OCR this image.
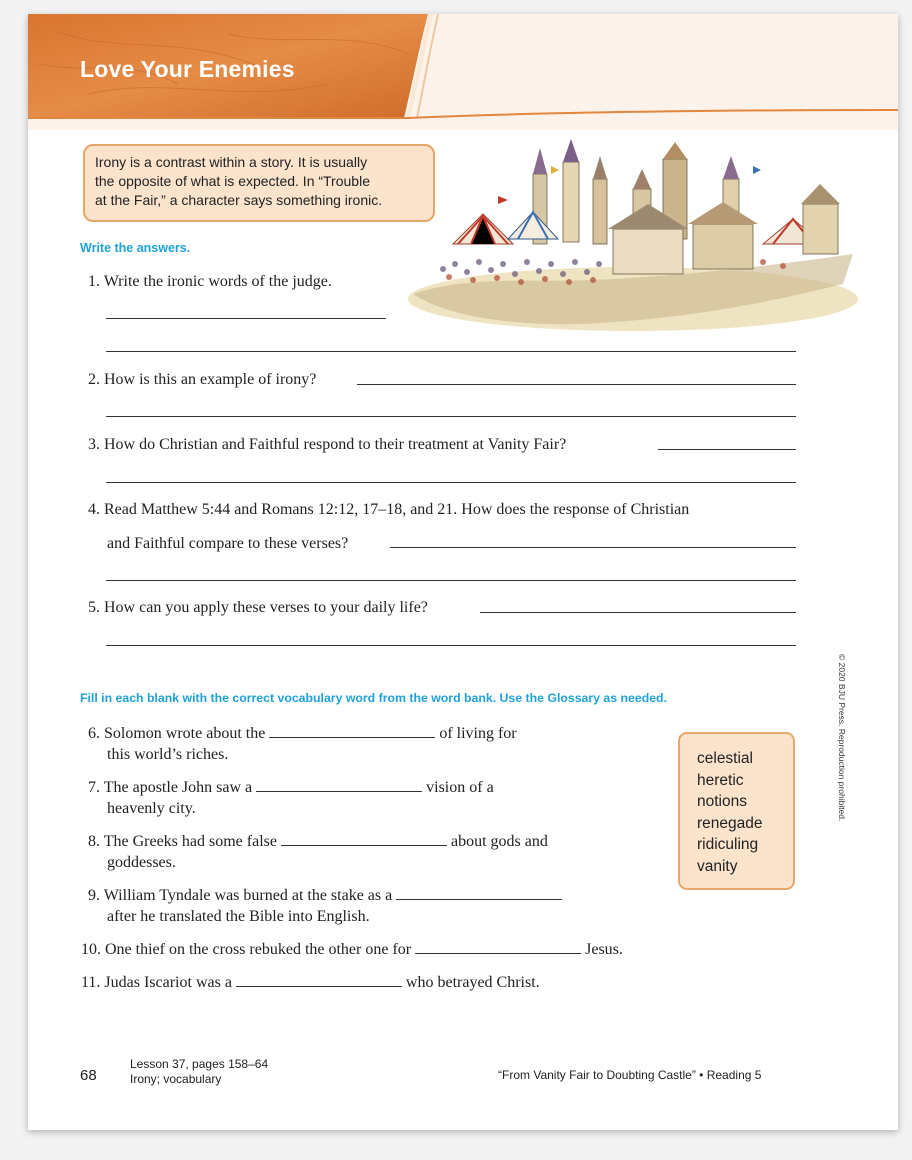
Love Your Enemies
Irony is a contrast within a story. It is usually
the opposite of what is expected. In “Trouble
at the Fair,” a character says something ironic.
Write the answers.
1. Write the ironic words of the judge.
2. How is this an example of irony?
3. How do Christian and Faithful respond to their treatment at Vanity Fair?
4. Read Matthew 5:44 and Romans 12:12, 17–18, and 21. How does the response of Christian
and Faithful compare to these verses?
5. How can you apply these verses to your daily life?
Fill in each blank with the correct vocabulary word from the word bank. Use the Glossary as needed.
6. Solomon wrote about the	of living for
this world’s riches.
7. The apostle John saw a	vision of a
heavenly city.
8. The Greeks had some false	about gods and
goddesses.
9. William Tyndale was burned at the stake as a
after he translated the Bible into English.
10. One thief on the cross rebuked the other one for	Jesus.
11. Judas Iscariot was a	who betrayed Christ.
celestial
heretic
notions
renegade
ridiculing
vanity
© 2020 BJU Press. Reproduction prohibited.
68
Lesson 37, pages 158–64
Irony; vocabulary	“From Vanity Fair to Doubting Castle” • Reading 5
